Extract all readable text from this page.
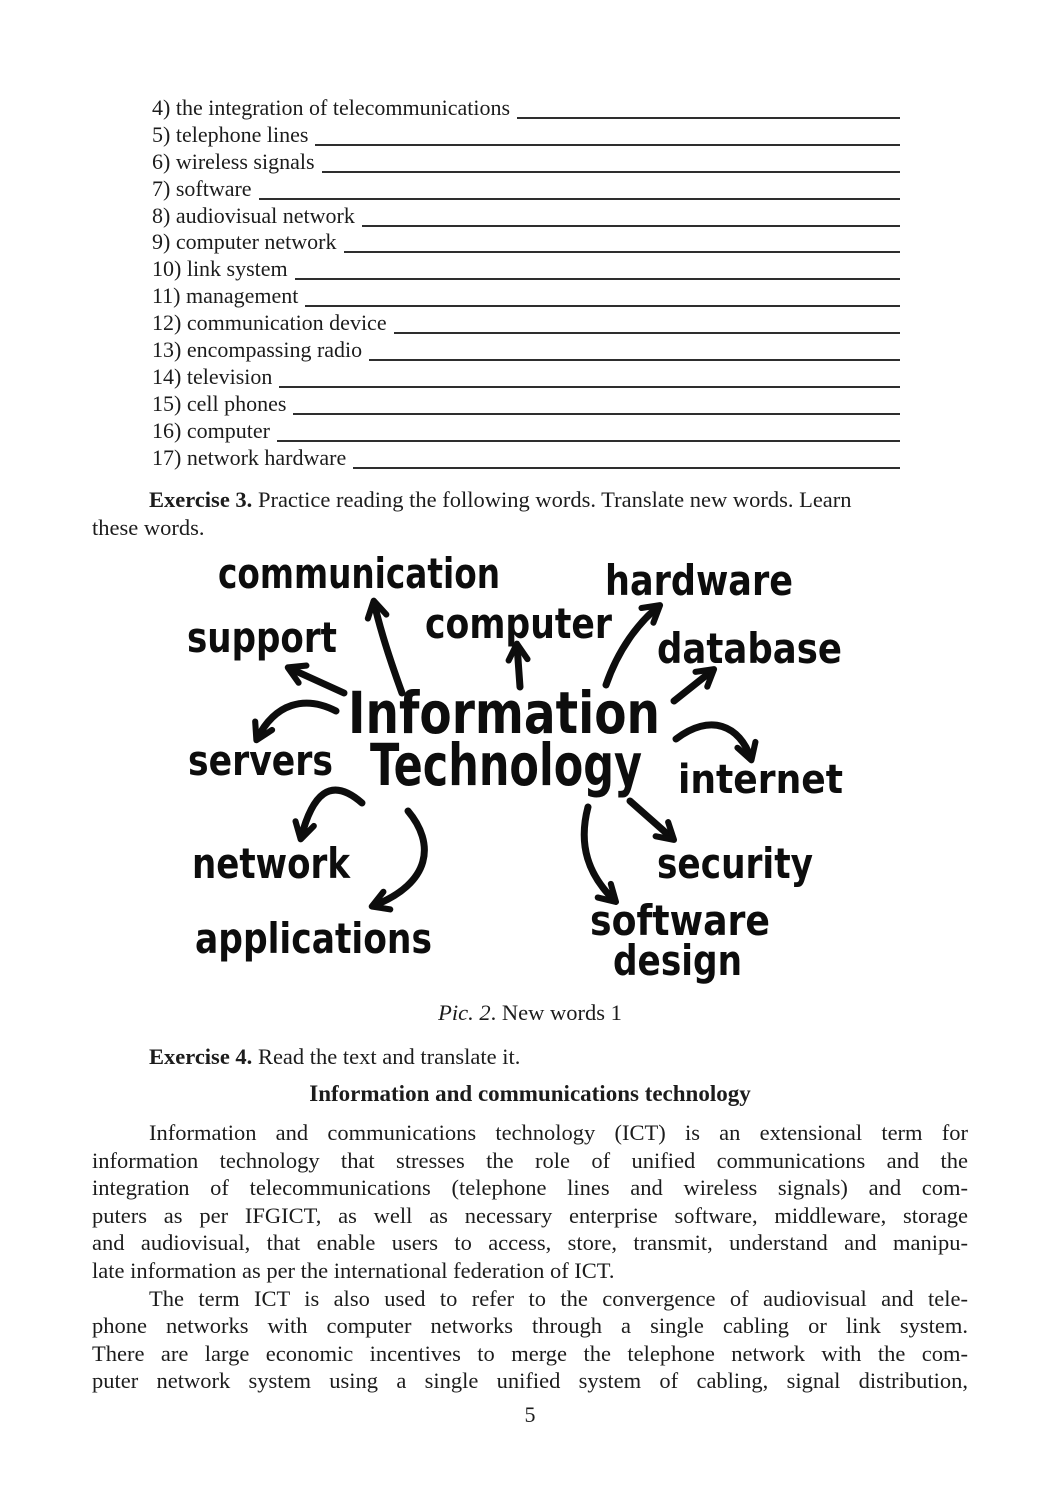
4) the integration of telecommunications
5) telephone lines
6) wireless signals
7) software
8) audiovisual network
9) computer network
10) link system
11) management
12) communication device
13) encompassing radio
14) television
15) cell phones
16) computer
17) network hardware
Exercise 3. Practice reading the following words. Translate new words. Learn
these words.
communication	hardware
computer
support	database
Information
Technology
servers	internet
network	security
applications	software
design
Pic. 2. New words 1
Exercise 4. Read the text and translate it.
Information and communications technology
Information and communications technology (ICT) is an extensional term for
information technology that stresses the role of unified communications and the
integration of telecommunications (telephone lines and wireless signals) and com-
puters as per IFGICT, as well as necessary enterprise software, middleware, storage
and audiovisual, that enable users to access, store, transmit, understand and manipu-
late information as per the international federation of ICT.
The term ICT is also used to refer to the convergence of audiovisual and tele-
phone networks with computer networks through a single cabling or link system.
There are large economic incentives to merge the telephone network with the com-
puter network system using a single unified system of cabling, signal distribution,
5
